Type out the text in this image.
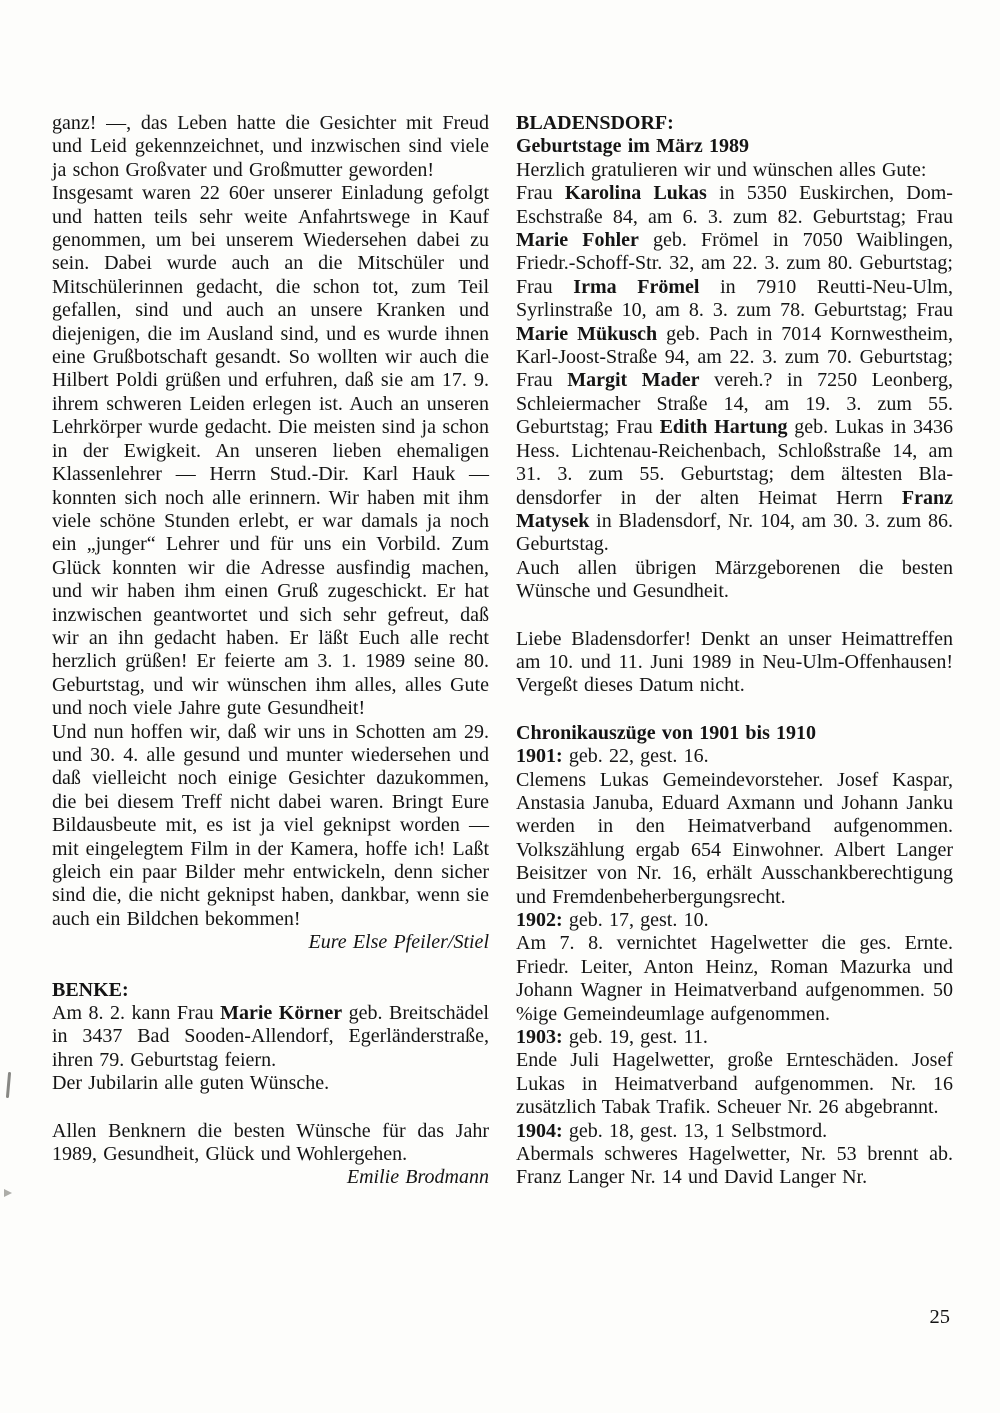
ganz! —, das Leben hatte die Gesichter mit Freud und Leid gekennzeichnet, und inzwischen sind viele ja schon Großvater und Großmutter geworden!

Insgesamt waren 22 60er unserer Einladung gefolgt und hatten teils sehr weite Anfahrtswege in Kauf genommen, um bei unserem Wiedersehen dabei zu sein. Dabei wurde auch an die Mitschüler und Mitschülerinnen gedacht, die schon tot, zum Teil gefallen, sind und auch an unsere Kranken und diejenigen, die im Ausland sind, und es wurde ihnen eine Grußbotschaft gesandt. So wollten wir auch die Hilbert Poldi grüßen und erfuhren, daß sie am 17. 9. ihrem schweren Leiden erlegen ist. Auch an unseren Lehrkörper wurde gedacht. Die meisten sind ja schon in der Ewigkeit. An unseren lieben ehemaligen Klassenlehrer — Herrn Stud.-Dir. Karl Hauk — konnten sich noch alle erinnern. Wir haben mit ihm viele schöne Stunden erlebt, er war damals ja noch ein „junger“ Lehrer und für uns ein Vorbild. Zum Glück konnten wir die Adresse ausfindig machen, und wir haben ihm einen Gruß zugeschickt. Er hat inzwischen geantwortet und sich sehr gefreut, daß wir an ihn gedacht haben. Er läßt Euch alle recht herzlich grüßen! Er feierte am 3. 1. 1989 seine 80. Geburtstag, und wir wünschen ihm alles, alles Gute und noch viele Jahre gute Gesundheit!

Und nun hoffen wir, daß wir uns in Schotten am 29. und 30. 4. alle gesund und munter wiedersehen und daß vielleicht noch einige Gesichter dazukommen, die bei diesem Treff nicht dabei waren. Bringt Eure Bildausbeute mit, es ist ja viel geknipst worden — mit eingelegtem Film in der Kamera, hoffe ich! Laßt gleich ein paar Bilder mehr entwickeln, denn sicher sind die, die nicht geknipst haben, dankbar, wenn sie auch ein Bildchen bekommen!

Eure Else Pfeiler/Stiel

BENKE:

Am 8. 2. kann Frau Marie Körner geb. Breitschädel in 3437 Bad Sooden-Allendorf, Egerländerstraße, ihren 79. Geburtstag feiern.

Der Jubilarin alle guten Wünsche.

Allen Benknern die besten Wünsche für das Jahr 1989, Gesundheit, Glück und Wohlergehen.
Emilie Brodmann

BLADENSDORF:

Geburtstage im März 1989

Herzlich gratulieren wir und wünschen alles Gute:

Frau Karolina Lukas in 5350 Euskirchen, Dom-Eschstraße 84, am 6. 3. zum 82. Geburtstag; Frau Marie Fohler geb. Frömel in 7050 Waiblingen, Friedr.-Schoff-Str. 32, am 22. 3. zum 80. Geburtstag; Frau Irma Frömel in 7910 Reutti-Neu-Ulm, Syrlinstraße 10, am 8. 3. zum 78. Geburtstag; Frau Marie Mükusch geb. Pach in 7014 Kornwestheim, Karl-Joost-Straße 94, am 22. 3. zum 70. Geburtstag; Frau Margit Mader vereh.? in 7250 Leonberg, Schleiermacher Straße 14, am 19. 3. zum 55. Geburtstag; Frau Edith Hartung geb. Lukas in 3436 Hess. Lichtenau-Reichenbach, Schloßstraße 14, am 31. 3. zum 55. Geburtstag; dem ältesten Bladensdorfer in der alten Heimat Herrn Franz Matysek in Bladensdorf, Nr. 104, am 30. 3. zum 86. Geburtstag.

Auch allen übrigen Märzgeborenen die besten Wünsche und Gesundheit.

Liebe Bladensdorfer! Denkt an unser Heimattreffen am 10. und 11. Juni 1989 in Neu-Ulm-Offenhausen! Vergeßt dieses Datum nicht.

Chronikauszüge von 1901 bis 1910

1901: geb. 22, gest. 16.

Clemens Lukas Gemeindevorsteher. Josef Kaspar, Anstasia Januba, Eduard Axmann und Johann Janku werden in den Heimatverband aufgenommen. Volkszählung ergab 654 Einwohner. Albert Langer Beisitzer von Nr. 16, erhält Ausschankberechtigung und Fremdenbeherbergungsrecht.

1902: geb. 17, gest. 10.

Am 7. 8. vernichtet Hagelwetter die ges. Ernte. Friedr. Leiter, Anton Heinz, Roman Mazurka und Johann Wagner in Heimatverband aufgenommen. 50 %ige Gemeindeumlage aufgenommen.

1903: geb. 19, gest. 11.

Ende Juli Hagelwetter, große Ernteschäden. Josef Lukas in Heimatverband aufgenommen. Nr. 16 zusätzlich Tabak Trafik. Scheuer Nr. 26 abgebrannt.

1904: geb. 18, gest. 13, 1 Selbstmord.

Abermals schweres Hagelwetter, Nr. 53 brennt ab. Franz Langer Nr. 14 und David Langer Nr.

25
